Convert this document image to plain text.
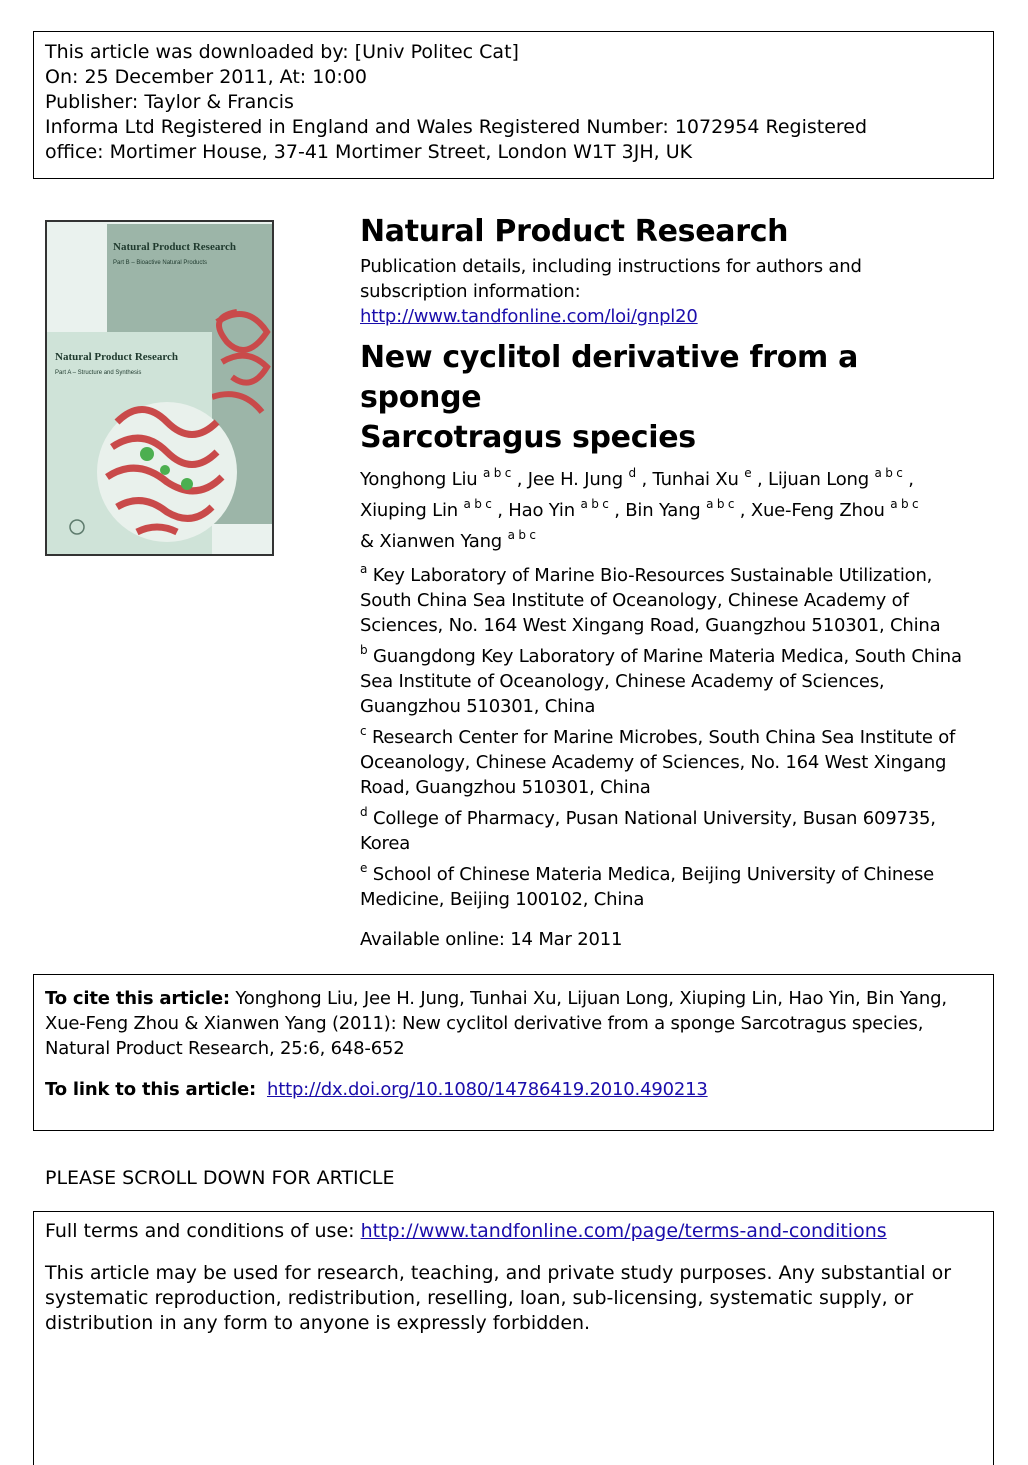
This article was downloaded by: [Univ Politec Cat]
On: 25 December 2011, At: 10:00
Publisher: Taylor & Francis
Informa Ltd Registered in England and Wales Registered Number: 1072954 Registered
office: Mortimer House, 37-41 Mortimer Street, London W1T 3JH, UK
Natural Product Research
Part B – Bioactive Natural Products
Natural Product Research
Part A – Structure and Synthesis
Natural Product Research
Publication details, including instructions for authors and
subscription information:
http://www.tandfonline.com/loi/gnpl20
New cyclitol derivative from a sponge
Sarcotragus species
Yonghong Liu $^{a b c}$ , Jee H. Jung $^d$ , Tunhai Xu $^e$ , Lijuan Long $^{a b c}$ ,
Xiuping Lin $^{a b c}$ , Hao Yin $^{a b c}$ , Bin Yang $^{a b c}$ , Xue-Feng Zhou $^{a b c}$
& Xianwen Yang $^{a b c}$
$^a$ Key Laboratory of Marine Bio-Resources Sustainable Utilization, South China Sea Institute of Oceanology, Chinese Academy of Sciences, No. 164 West Xingang Road, Guangzhou 510301, China
$^b$ Guangdong Key Laboratory of Marine Materia Medica, South China Sea Institute of Oceanology, Chinese Academy of Sciences, Guangzhou 510301, China
$^c$ Research Center for Marine Microbes, South China Sea Institute of Oceanology, Chinese Academy of Sciences, No. 164 West Xingang Road, Guangzhou 510301, China
$^d$ College of Pharmacy, Pusan National University, Busan 609735, Korea
$^e$ School of Chinese Materia Medica, Beijing University of Chinese Medicine, Beijing 100102, China
Available online: 14 Mar 2011
To cite this article: Yonghong Liu, Jee H. Jung, Tunhai Xu, Lijuan Long, Xiuping Lin, Hao Yin, Bin Yang, Xue-Feng Zhou & Xianwen Yang (2011): New cyclitol derivative from a sponge Sarcotragus species, Natural Product Research, 25:6, 648-652
To link to this article: http://dx.doi.org/10.1080/14786419.2010.490213
PLEASE SCROLL DOWN FOR ARTICLE
Full terms and conditions of use: http://www.tandfonline.com/page/terms-and-conditions
This article may be used for research, teaching, and private study purposes. Any substantial or systematic reproduction, redistribution, reselling, loan, sub-licensing, systematic supply, or distribution in any form to anyone is expressly forbidden.
